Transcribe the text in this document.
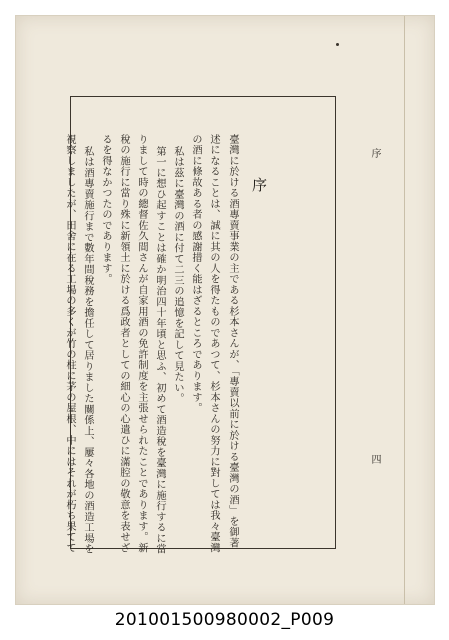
序
四
序
臺灣に於ける酒專賣事業の主である杉本さんが、「專賣以前に於ける臺灣の酒」を御著
述になることは、誠に其の人を得たものであつて、杉本さんの努力に對しては我々臺灣
の酒に條故ある者の感謝措く能はざるところであります。
私は茲に臺灣の酒に付て二三の追憶を記して見たい。
第一に想ひ起すことは確か明治四十年頃と思ふ、初めて酒造稅を臺灣に施行するに當
りまして時の總督佐久間さんが自家用酒の免許制度を主張せられたことであります。新
稅の施行に當り殊に新領土に於ける爲政者としての細心の心遣ひに滿腔の敬意を表せざ
るを得なかつたのであります。
私は酒專賣施行まで數年間稅務を擔任して居りました關係上、屢々各地の酒造工場を
視察しましたが、田舍に在る工場の多くが竹の柱に茅の屋根、中にはそれが朽ち果てて
201001500980002_P009
